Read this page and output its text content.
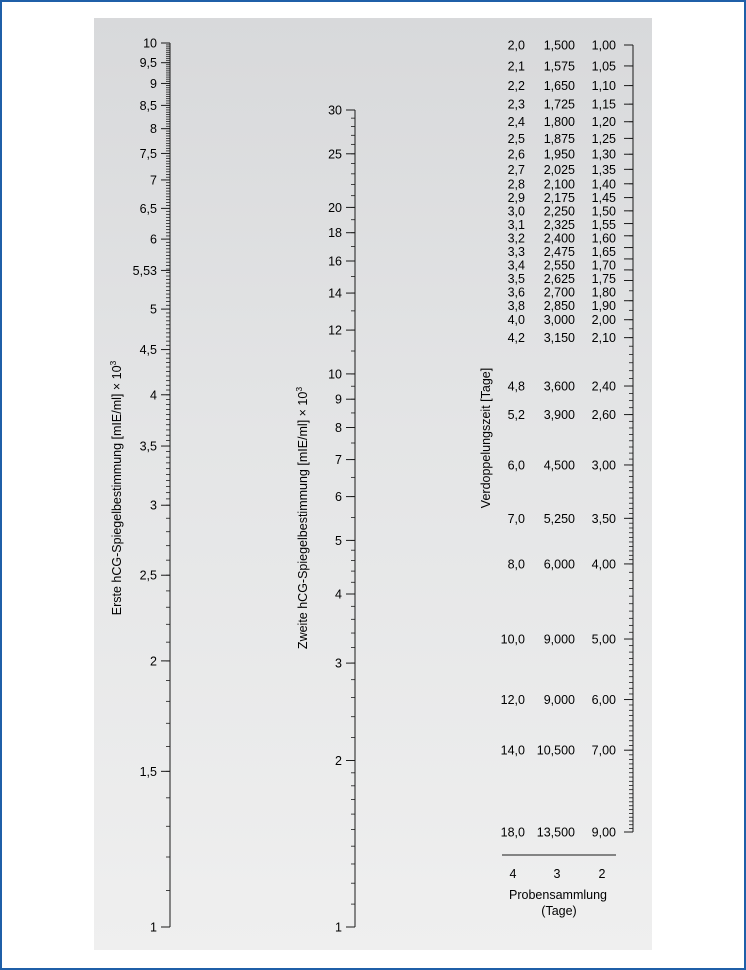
10
9,5
9
8,5
8
7,5
7
6,5
6
5,53
5
4,5
4
3,5
3
2,5
2
1,5
1
30
25
20
18
16
14
12
10
9
8
7
6
5
4
3
2
1
2,0 1,500 1,00
2,1 1,575 1,05
2,2 1,650 1,10
2,3 1,725 1,15
2,4 1,800 1,20
2,5 1,875 1,25
2,6 1,950 1,30
2,7 2,025 1,35
2,8 2,100 1,40
2,9 2,175 1,45
3,0 2,250 1,50
3,1 2,325 1,55
3,2 2,400 1,60
3,3 2,475 1,65
3,4 2,550 1,70
3,5 2,625 1,75
3,6 2,700 1,80
3,8 2,850 1,90
4,0 3,000 2,00
4,2 3,150 2,10
4,8 3,600 2,40
5,2 3,900 2,60
6,0 4,500 3,00
7,0 5,250 3,50
8,0 6,000 4,00
10,0 9,000 5,00
12,0 9,000 6,00
14,0 10,500 7,00
18,0 13,500 9,00
Erste hCG-Spiegelbestimmung $[mIE/ml] \times 10^3$
Zweite hCG-Spiegelbestimmung $[mIE/ml] \times 10^3$	Verdoppelungszeit [Tage]
4	3	2
Probensammlung
(Tage)
